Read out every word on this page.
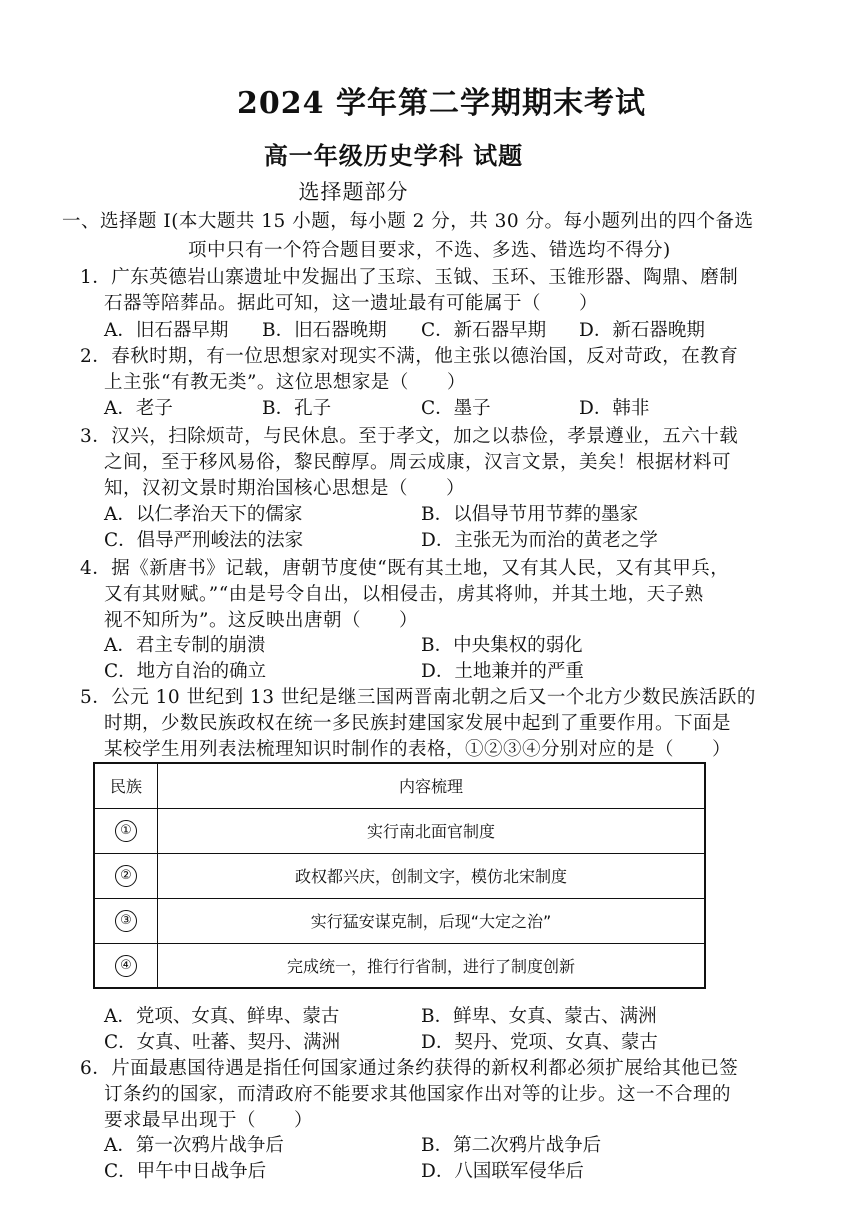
2024 学年第二学期期末考试
高一年级历史学科 试题
选择题部分
一、选择题 I(本大题共 15 小题，每小题 2 分，共 30 分。每小题列出的四个备选
项中只有一个符合题目要求，不选、多选、错选均不得分)
1．广东英德岩山寨遗址中发掘出了玉琮、玉钺、玉环、玉锥形器、陶鼎、磨制
石器等陪葬品。据此可知，这一遗址最有可能属于（　　）
A．旧石器早期 B．旧石器晚期 C．新石器早期 D．新石器晚期
2．春秋时期，有一位思想家对现实不满，他主张以德治国，反对苛政，在教育
上主张“有教无类”。这位思想家是（　　）
A．老子	B．孔子	C．墨子	D．韩非
3．汉兴，扫除烦苛，与民休息。至于孝文，加之以恭俭，孝景遵业，五六十载
之间，至于移风易俗，黎民醇厚。周云成康，汉言文景，美矣！根据材料可
知，汉初文景时期治国核心思想是（　　）
A．以仁孝治天下的儒家	B．以倡导节用节葬的墨家
C．倡导严刑峻法的法家	D．主张无为而治的黄老之学
4．据《新唐书》记载，唐朝节度使“既有其土地，又有其人民，又有其甲兵，
又有其财赋。”“由是号令自出，以相侵击，虏其将帅，并其土地，天子熟
视不知所为”。这反映出唐朝（　　）
A．君主专制的崩溃	B．中央集权的弱化
C．地方自治的确立	D．土地兼并的严重
5．公元 10 世纪到 13 世纪是继三国两晋南北朝之后又一个北方少数民族活跃的
时期，少数民族政权在统一多民族封建国家发展中起到了重要作用。下面是
某校学生用列表法梳理知识时制作的表格，①②③④分别对应的是（　　）
民族	内容梳理
①	实行南北面官制度
②	政权都兴庆，创制文字，模仿北宋制度
③	实行猛安谋克制，后现“大定之治”
④	完成统一，推行行省制，进行了制度创新
A．党项、女真、鲜卑、蒙古	B．鲜卑、女真、蒙古、满洲
C．女真、吐蕃、契丹、满洲	D．契丹、党项、女真、蒙古
6．片面最惠国待遇是指任何国家通过条约获得的新权利都必须扩展给其他已签
订条约的国家，而清政府不能要求其他国家作出对等的让步。这一不合理的
要求最早出现于（　　）
A．第一次鸦片战争后	B．第二次鸦片战争后
C．甲午中日战争后	D．八国联军侵华后
